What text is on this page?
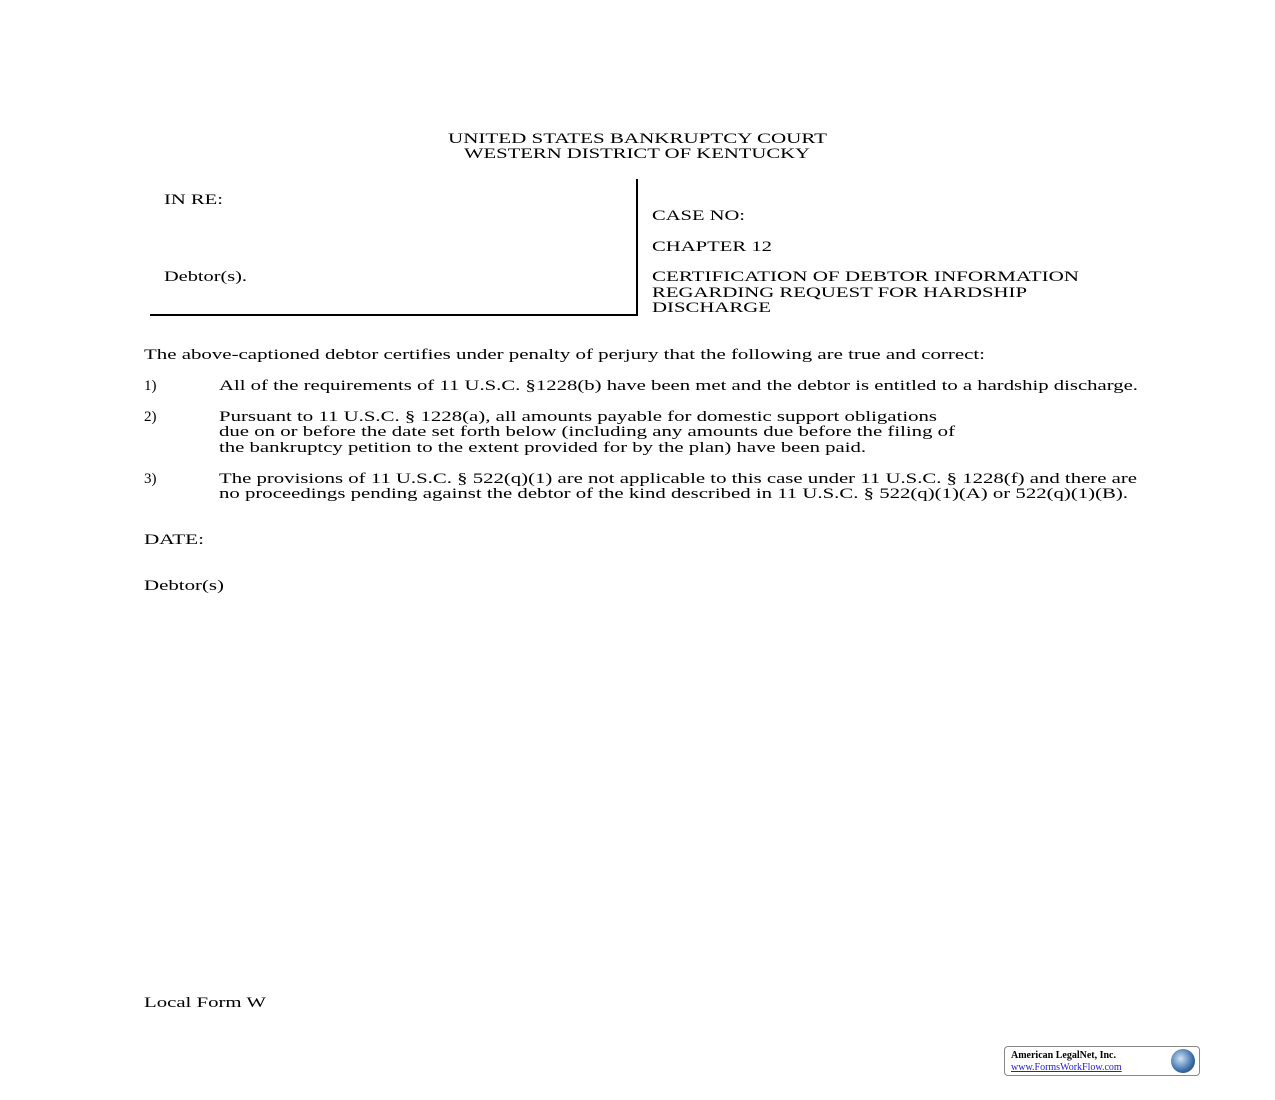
UNITED STATES BANKRUPTCY COURT
WESTERN DISTRICT OF KENTUCKY
IN RE:
Debtor(s).
CASE NO:
CHAPTER 12
CERTIFICATION OF DEBTOR INFORMATION
REGARDING REQUEST FOR HARDSHIP
DISCHARGE
The above-captioned debtor certifies under penalty of perjury that the following are true and correct:
1)	All of the requirements of 11 U.S.C. §1228(b) have been met and the debtor is entitled to a hardship discharge.
2)	Pursuant to 11 U.S.C. § 1228(a), all amounts payable for domestic support obligations
due on or before the date set forth below (including any amounts due before the filing of
the bankruptcy petition to the extent provided for by the plan) have been paid.
3)	The provisions of 11 U.S.C. § 522(q)(1) are not applicable to this case under 11 U.S.C. § 1228(f) and there are
no proceedings pending against the debtor of the kind described in 11 U.S.C. § 522(q)(1)(A) or 522(q)(1)(B).
DATE:
Debtor(s)
Local Form W
American LegalNet, Inc.
www.FormsWorkFlow.com
